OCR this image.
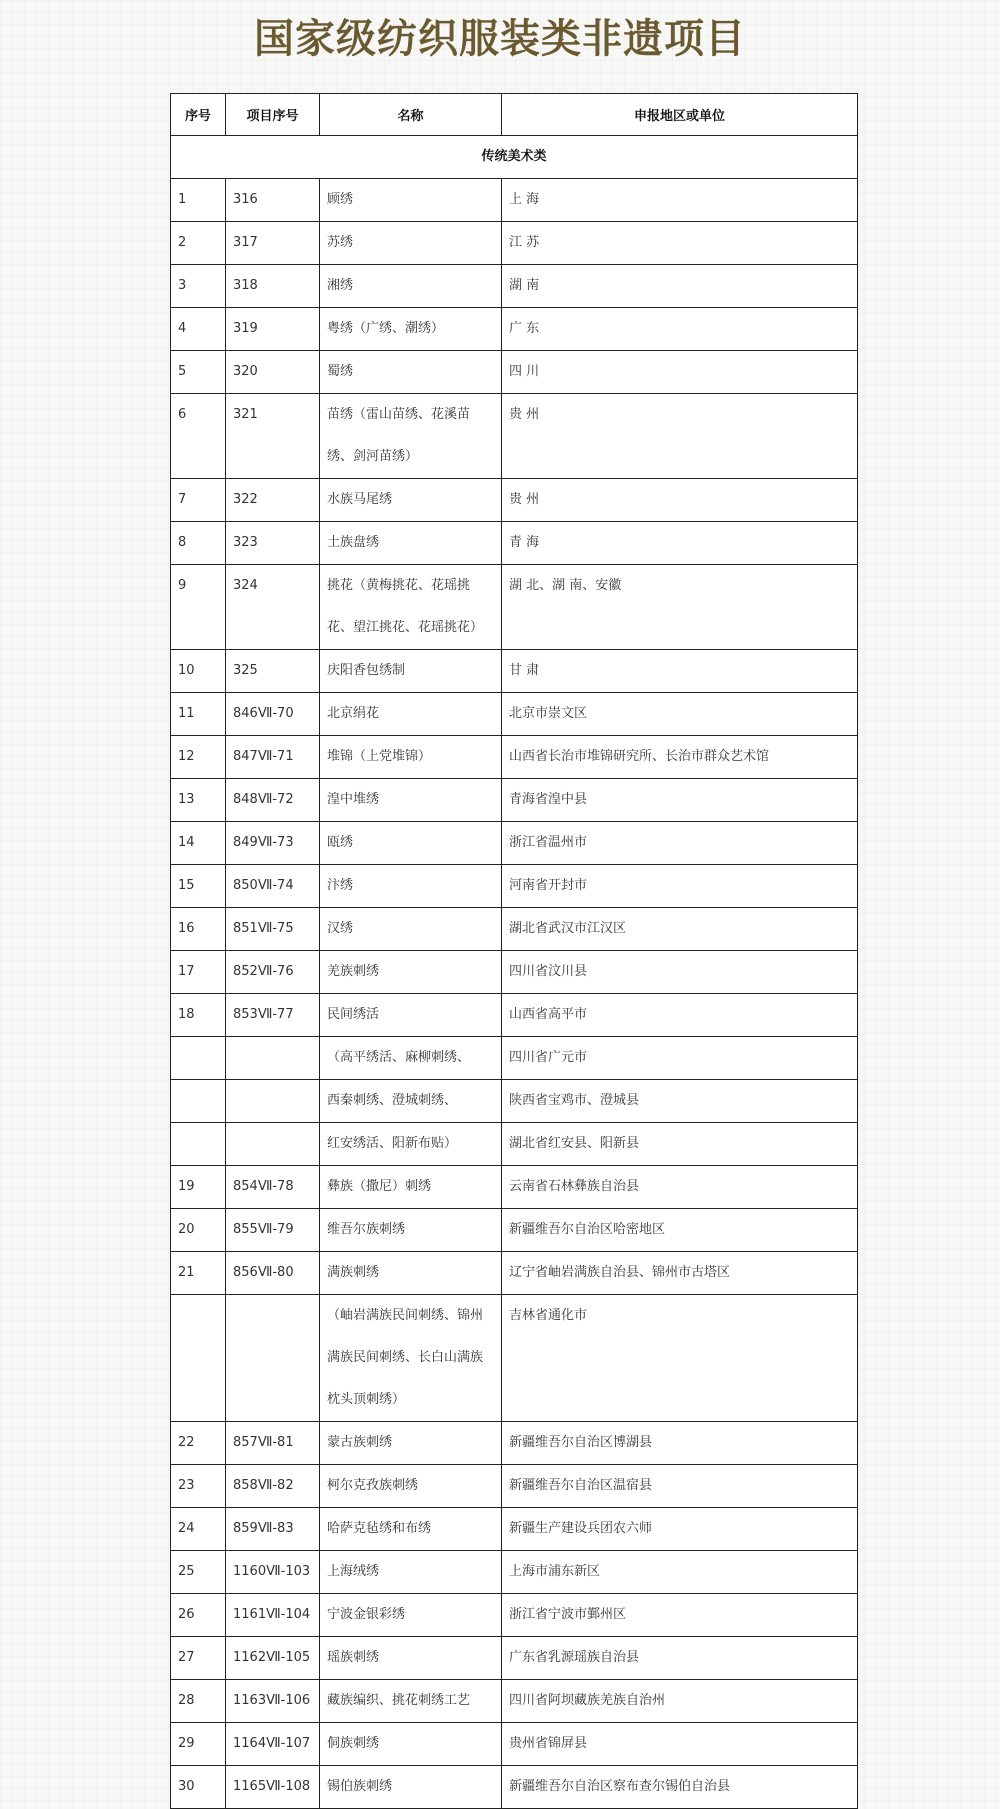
国家级纺织服装类非遗项目
序号	项目序号	名称	申报地区或单位
传统美术类			
1	316	顾绣	上 海
2	317	苏绣	江 苏
3	318	湘绣	湖 南
4	319	粤绣（广绣、潮绣）	广 东
5	320	蜀绣	四 川
6	321	苗绣（雷山苗绣、花溪苗绣、剑河苗绣）	贵 州
7	322	水族马尾绣	贵 州
8	323	土族盘绣	青 海
9	324	挑花（黄梅挑花、花瑶挑花、望江挑花、花瑶挑花）	湖 北、湖 南、安徽
10	325	庆阳香包绣制	甘 肃
11	846Ⅶ-70	北京绢花	北京市崇文区
12	847Ⅶ-71	堆锦（上党堆锦）	山西省长治市堆锦研究所、长治市群众艺术馆
13	848Ⅶ-72	湟中堆绣	青海省湟中县
14	849Ⅶ-73	瓯绣	浙江省温州市
15	850Ⅶ-74	汴绣	河南省开封市
16	851Ⅶ-75	汉绣	湖北省武汉市江汉区
17	852Ⅶ-76	羌族刺绣	四川省汶川县
18	853Ⅶ-77	民间绣活	山西省高平市
		（高平绣活、麻柳刺绣、	四川省广元市
		西秦刺绣、澄城刺绣、	陕西省宝鸡市、澄城县
		红安绣活、阳新布贴）	湖北省红安县、阳新县
19	854Ⅶ-78	彝族（撒尼）刺绣	云南省石林彝族自治县
20	855Ⅶ-79	维吾尔族刺绣	新疆维吾尔自治区哈密地区
21	856Ⅶ-80	满族刺绣	辽宁省岫岩满族自治县、锦州市古塔区
		（岫岩满族民间刺绣、锦州满族民间刺绣、长白山满族枕头顶刺绣）	吉林省通化市
22	857Ⅶ-81	蒙古族刺绣	新疆维吾尔自治区博湖县
23	858Ⅶ-82	柯尔克孜族刺绣	新疆维吾尔自治区温宿县
24	859Ⅶ-83	哈萨克毡绣和布绣	新疆生产建设兵团农六师
25	1160Ⅶ-103	上海绒绣	上海市浦东新区
26	1161Ⅶ-104	宁波金银彩绣	浙江省宁波市鄞州区
27	1162Ⅶ-105	瑶族刺绣	广东省乳源瑶族自治县
28	1163Ⅶ-106	藏族编织、挑花刺绣工艺	四川省阿坝藏族羌族自治州
29	1164Ⅶ-107	侗族刺绣	贵州省锦屏县
30	1165Ⅶ-108	锡伯族刺绣	新疆维吾尔自治区察布查尔锡伯自治县
